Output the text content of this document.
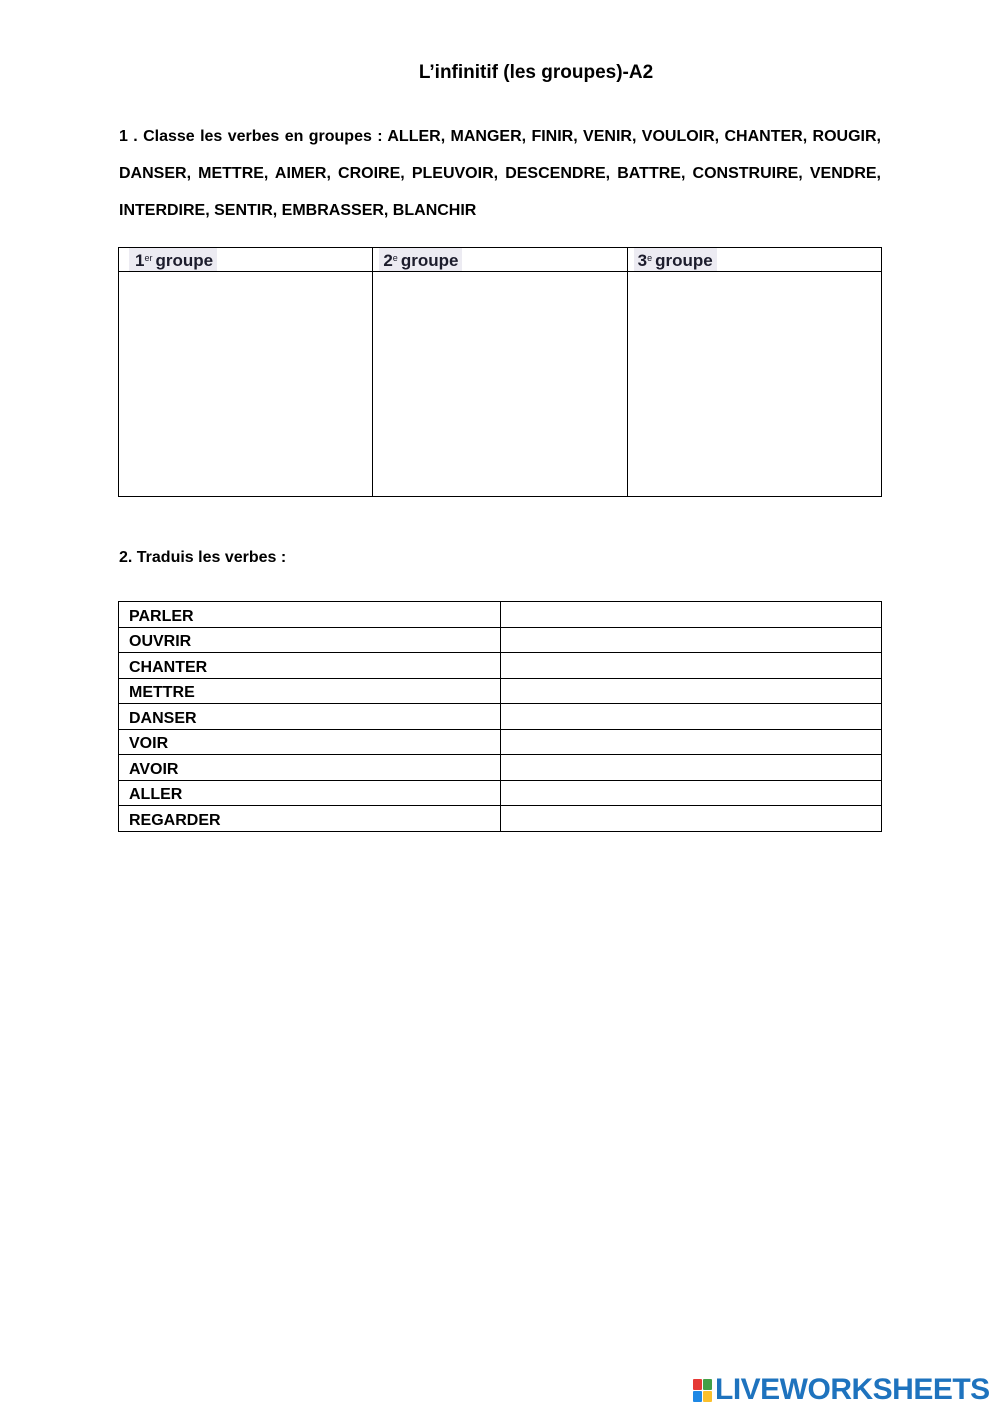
L’infinitif (les groupes)-A2
1 . Classe les verbes en groupes : ALLER, MANGER, FINIR, VENIR, VOULOIR, CHANTER, ROUGIR, DANSER, METTRE, AIMER, CROIRE, PLEUVOIR, DESCENDRE, BATTRE, CONSTRUIRE, VENDRE, INTERDIRE, SENTIR, EMBRASSER, BLANCHIR
1er groupe	2e groupe	3e groupe

2. Traduis les verbes :
PARLER	
OUVRIR	
CHANTER	
METTRE	
DANSER	
VOIR	
AVOIR	
ALLER	
REGARDER	
LIVEWORKSHEETS
